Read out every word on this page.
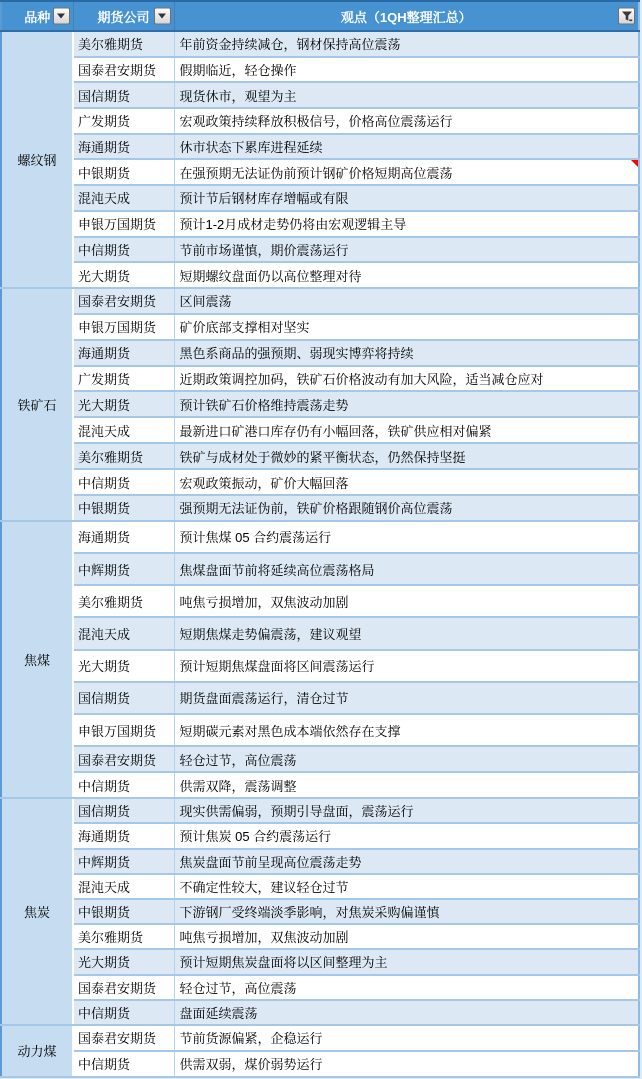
品种	期货公司	观点（1QH整理汇总）

螺纹钢	美尔雅期货	年前资金持续减仓，钢材保持高位震荡
	国泰君安期货	假期临近，轻仓操作
	国信期货	现货休市，观望为主
	广发期货	宏观政策持续释放积极信号，价格高位震荡运行
	海通期货	休市状态下累库进程延续
	中银期货	在强预期无法证伪前预计钢矿价格短期高位震荡

	混沌天成	预计节后钢材库存增幅或有限
	申银万国期货	预计1-2月成材走势仍将由宏观逻辑主导
	中信期货	节前市场谨慎，期价震荡运行
	光大期货	短期螺纹盘面仍以高位整理对待
铁矿石	国泰君安期货	区间震荡
	申银万国期货	矿价底部支撑相对坚实
	海通期货	黑色系商品的强预期、弱现实博弈将持续
	广发期货	近期政策调控加码，铁矿石价格波动有加大风险，适当减仓应对
	光大期货	预计铁矿石价格维持震荡走势
	混沌天成	最新进口矿港口库存仍有小幅回落，铁矿供应相对偏紧
	美尔雅期货	铁矿与成材处于微妙的紧平衡状态，仍然保持坚挺
	中信期货	宏观政策振动，矿价大幅回落
	中银期货	强预期无法证伪前，铁矿价格跟随钢价高位震荡
焦煤	海通期货	预计焦煤 05 合约震荡运行
	中辉期货	焦煤盘面节前将延续高位震荡格局
	美尔雅期货	吨焦亏损增加，双焦波动加剧
	混沌天成	短期焦煤走势偏震荡，建议观望
	光大期货	预计短期焦煤盘面将区间震荡运行
	国信期货	期货盘面震荡运行，清仓过节
	申银万国期货	短期碳元素对黑色成本端依然存在支撑
	国泰君安期货	轻仓过节，高位震荡
	中信期货	供需双降，震荡调整
焦炭	国信期货	现实供需偏弱，预期引导盘面，震荡运行
	海通期货	预计焦炭 05 合约震荡运行
	中辉期货	焦炭盘面节前呈现高位震荡走势
	混沌天成	不确定性较大，建议轻仓过节
	中银期货	下游钢厂受终端淡季影响，对焦炭采购偏谨慎
	美尔雅期货	吨焦亏损增加，双焦波动加剧
	光大期货	预计短期焦炭盘面将以区间整理为主
	国泰君安期货	轻仓过节，高位震荡
	中信期货	盘面延续震荡
动力煤	国泰君安期货	节前货源偏紧，企稳运行
	中信期货	供需双弱，煤价弱势运行
